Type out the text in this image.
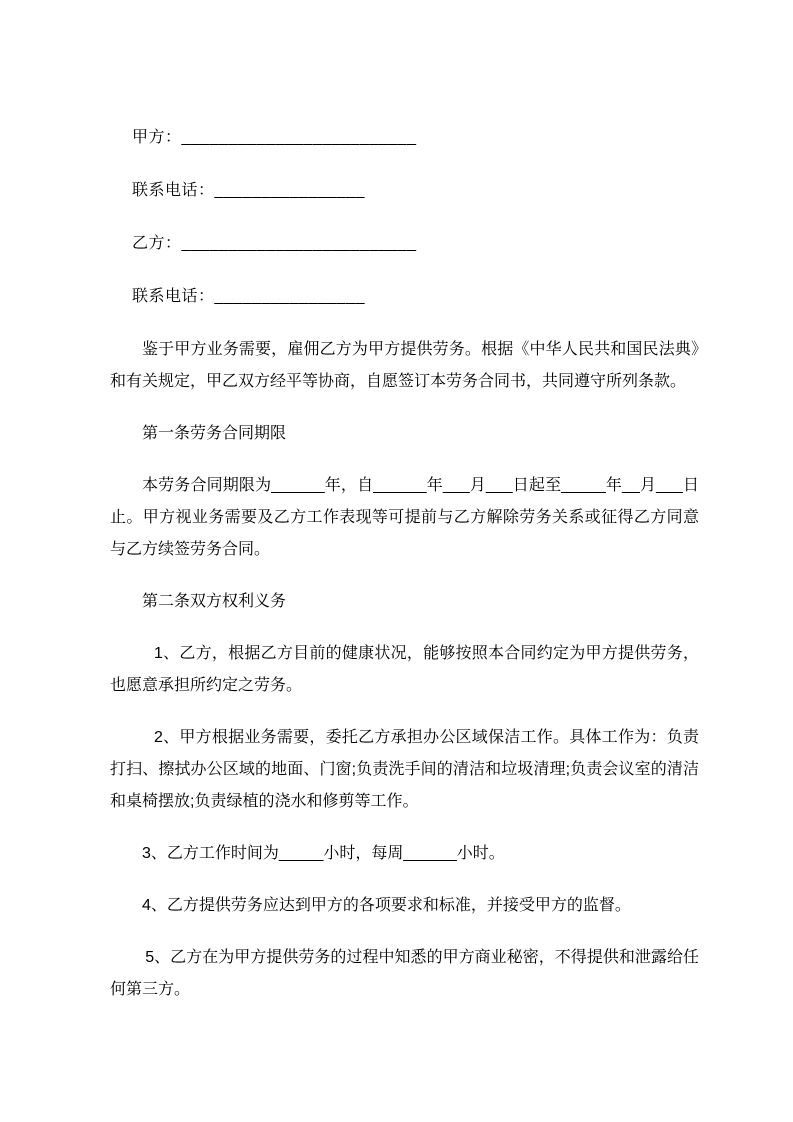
甲方：_________________________

联系电话：________________

乙方：_________________________

联系电话：________________

鉴于甲方业务需要，雇佣乙方为甲方提供劳务。根据《中华人民共和国民法典》和有关规定，甲乙双方经平等协商，自愿签订本劳务合同书，共同遵守所列条款。

第一条劳务合同期限

本劳务合同期限为______年，自______年___月___日起至_____年__月___日止。甲方视业务需要及乙方工作表现等可提前与乙方解除劳务关系或征得乙方同意与乙方续签劳务合同。

第二条双方权利义务

1、乙方，根据乙方目前的健康状况，能够按照本合同约定为甲方提供劳务，也愿意承担所约定之劳务。

2、甲方根据业务需要，委托乙方承担办公区域保洁工作。具体工作为：负责打扫、擦拭办公区域的地面、门窗;负责洗手间的清洁和垃圾清理;负责会议室的清洁和桌椅摆放;负责绿植的浇水和修剪等工作。

3、乙方工作时间为_____小时，每周______小时。

4、乙方提供劳务应达到甲方的各项要求和标准，并接受甲方的监督。

5、乙方在为甲方提供劳务的过程中知悉的甲方商业秘密，不得提供和泄露给任何第三方。
